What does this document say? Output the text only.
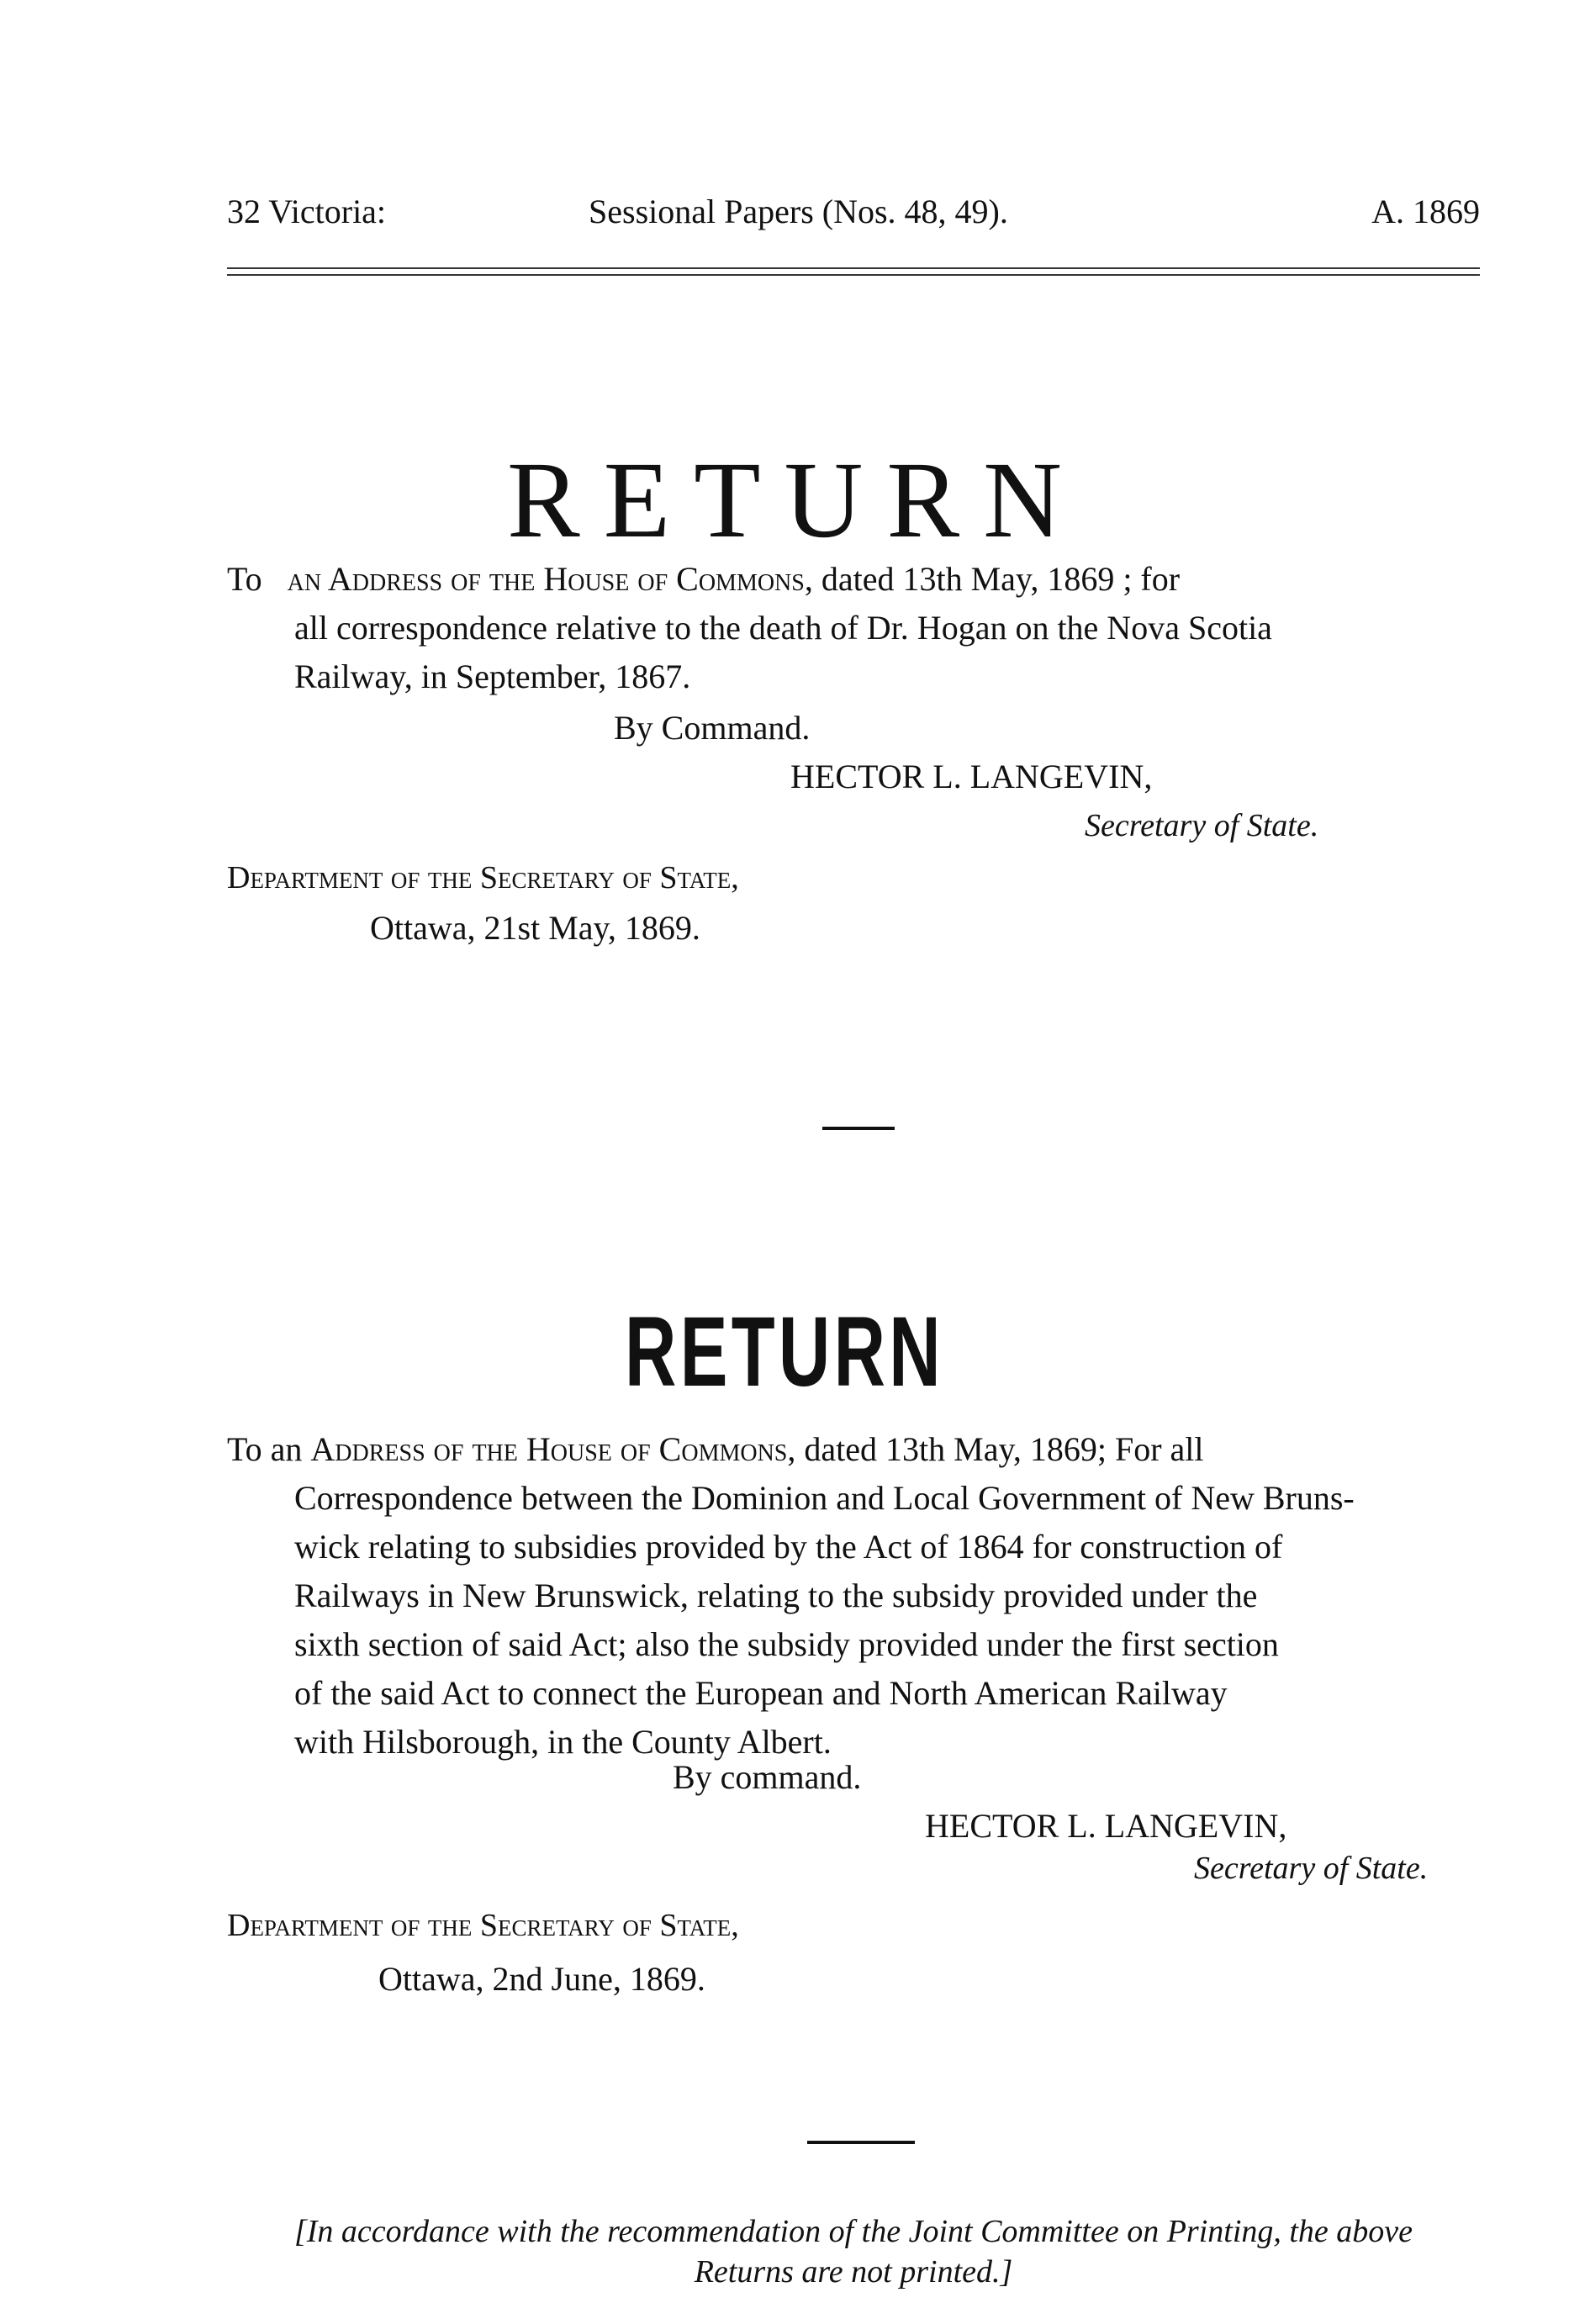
32 Victoria:	Sessional Papers (Nos. 48, 49).	A. 1869
RETURN
To an Address of the House of Commons, dated 13th May, 1869 ; for
all correspondence relative to the death of Dr. Hogan on the Nova Scotia
Railway, in September, 1867.
By Command.
HECTOR L. LANGEVIN,
Secretary of State.
Department of the Secretary of State,
Ottawa, 21st May, 1869.
RETURN
To an Address of the House of Commons, dated 13th May, 1869; For all
Correspondence between the Dominion and Local Government of New Bruns-
wick relating to subsidies provided by the Act of 1864 for construction of
Railways in New Brunswick, relating to the subsidy provided under the
sixth section of said Act; also the subsidy provided under the first section
of the said Act to connect the European and North American Railway
with Hilsborough, in the County Albert.
By command.
HECTOR L. LANGEVIN,
Secretary of State.
Department of the Secretary of State,
Ottawa, 2nd June, 1869.
[In accordance with the recommendation of the Joint Committee on Printing, the above
Returns are not printed.]
